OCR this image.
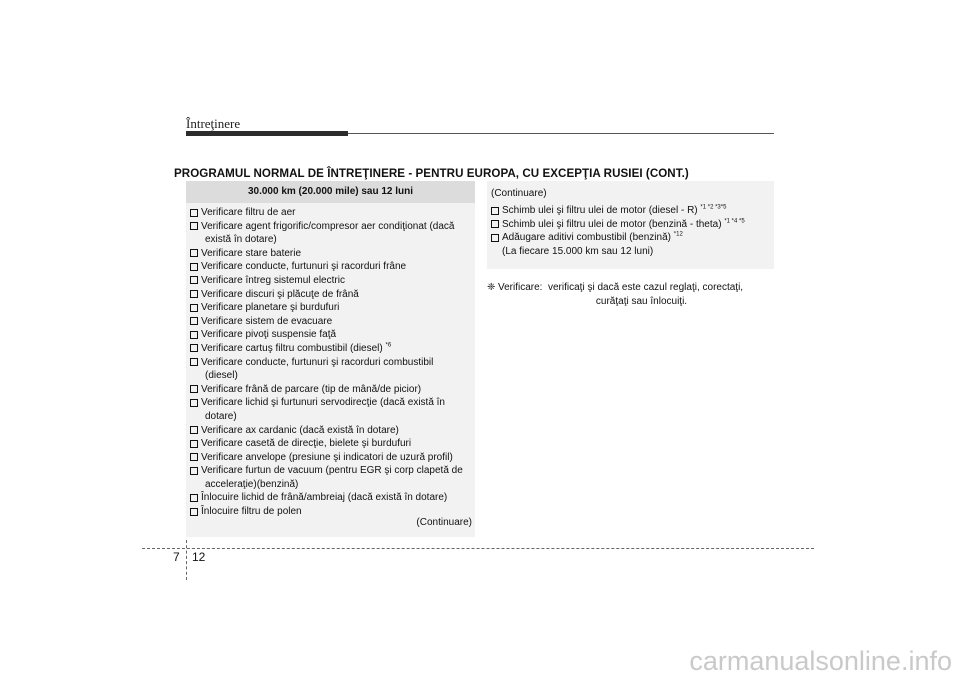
Întreţinere
PROGRAMUL NORMAL DE ÎNTREŢINERE - PENTRU EUROPA, CU EXCEPŢIA RUSIEI (CONT.)
30.000 km (20.000 mile) sau 12 luni
Verificare filtru de aer
Verificare agent frigorific/compresor aer condiţionat (dacă
există în dotare)
Verificare stare baterie
Verificare conducte, furtunuri şi racorduri frâne
Verificare întreg sistemul electric
Verificare discuri şi plăcuţe de frână
Verificare planetare şi burdufuri
Verificare sistem de evacuare
Verificare pivoţi suspensie faţă
Verificare cartuş filtru combustibil (diesel) $^{*6}$
Verificare conducte, furtunuri şi racorduri combustibil
(diesel)
Verificare frână de parcare (tip de mână/de picior)
Verificare lichid şi furtunuri servodirecţie (dacă există în
dotare)
Verificare ax cardanic (dacă există în dotare)
Verificare casetă de direcţie, bielete şi burdufuri
Verificare anvelope (presiune şi indicatori de uzură profil)
Verificare furtun de vacuum (pentru EGR şi corp clapetă de
acceleraţie)(benzină)
Înlocuire lichid de frână/ambreiaj (dacă există în dotare)
Înlocuire filtru de polen
(Continuare)
(Continuare)
Schimb ulei şi filtru ulei de motor (diesel - R) $^{*1 *2 *3*5}$
Schimb ulei şi filtru ulei de motor (benzină - theta) $^{*1 *4 *5}$
Adăugare aditivi combustibil (benzină) $^{*12}$
(La fiecare 15.000 km sau 12 luni)
❈ Verificare: verificaţi şi dacă este cazul reglaţi, corectaţi,
curăţaţi sau înlocuiţi.
7 12
carmanualsonline.info
